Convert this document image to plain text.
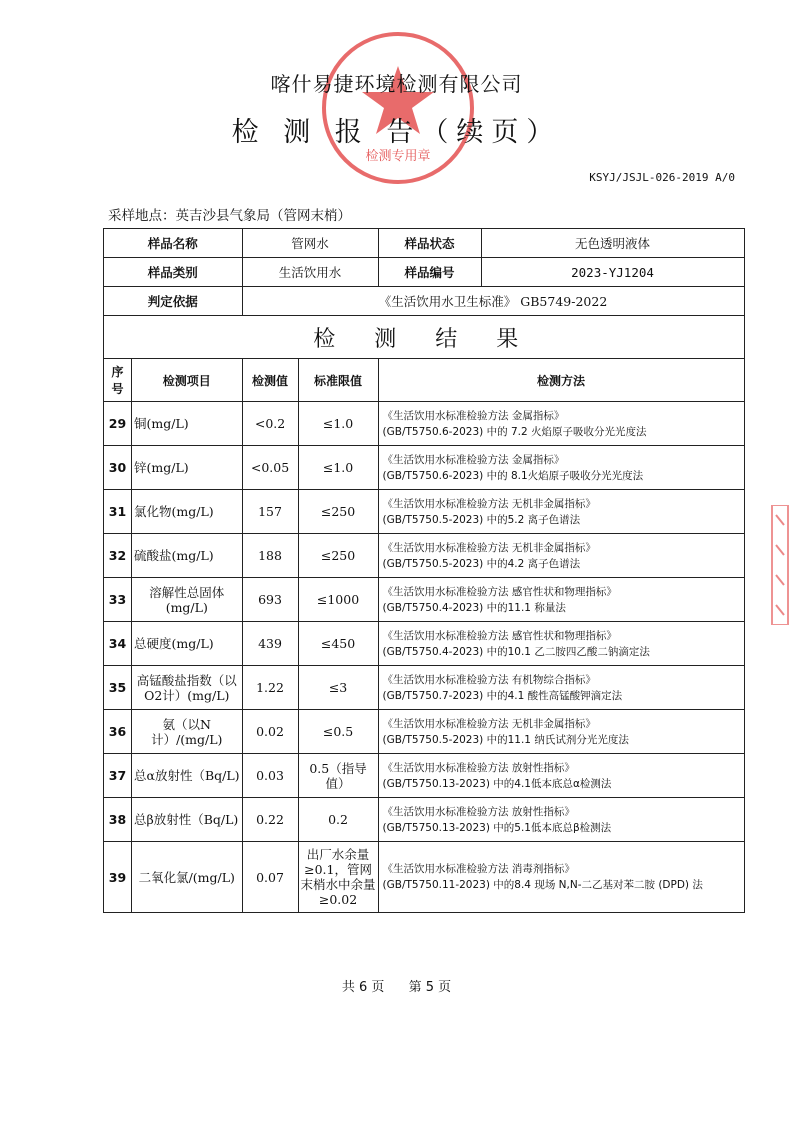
检测专用章
喀什易捷环境检测有限公司
检 测 报 告（续页）
KSYJ/JSJL-026-2019 A/0
采样地点：英吉沙县气象局（管网末梢）
样品名称		管网水		样品状态 无色透明液体

样品类别		生活饮用水		样品编号 2023-YJ1204

判定依据		《生活饮用水卫生标准》 GB5749-2022		
检 测 结 果				
序号	检测项目	检测值	标准限值	检测方法
29	铜(mg/L)	<0.2	≤1.0	《生活饮用水标准检验方法 金属指标》
(GB/T5750.6-2023) 中的 7.2 火焰原子吸收分光光度法

30	锌(mg/L)	<0.05	≤1.0	《生活饮用水标准检验方法 金属指标》
(GB/T5750.6-2023) 中的 8.1火焰原子吸收分光光度法

31	氯化物(mg/L)	157	≤250	《生活饮用水标准检验方法 无机非金属指标》
(GB/T5750.5-2023) 中的5.2 离子色谱法

32	硫酸盐(mg/L)	188	≤250	《生活饮用水标准检验方法 无机非金属指标》
(GB/T5750.5-2023) 中的4.2 离子色谱法

33	溶解性总固体(mg/L)	693	≤1000	《生活饮用水标准检验方法 感官性状和物理指标》
(GB/T5750.4-2023) 中的11.1 称量法

34	总硬度(mg/L)	439	≤450	《生活饮用水标准检验方法 感官性状和物理指标》
(GB/T5750.4-2023) 中的10.1 乙二胺四乙酸二钠滴定法

35	高锰酸盐指数（以O2计）(mg/L)	1.22	≤3	《生活饮用水标准检验方法 有机物综合指标》
(GB/T5750.7-2023) 中的4.1 酸性高锰酸钾滴定法

36	氨（以N计）/(mg/L)	0.02	≤0.5	《生活饮用水标准检验方法 无机非金属指标》
(GB/T5750.5-2023) 中的11.1 纳氏试剂分光光度法

37	总α放射性（Bq/L)	0.03	0.5（指导值）	《生活饮用水标准检验方法 放射性指标》
(GB/T5750.13-2023) 中的4.1低本底总α检测法

38	总β放射性（Bq/L)	0.22	0.2	《生活饮用水标准检验方法 放射性指标》
(GB/T5750.13-2023) 中的5.1低本底总β检测法

39	二氧化氯/(mg/L)	0.07	出厂水余量≥0.1，管网末梢水中余量≥0.02	《生活饮用水标准检验方法 消毒剂指标》
(GB/T5750.11-2023) 中的8.4 现场 N,N-二乙基对苯二胺 (DPD) 法
共 6 页 第 5 页
